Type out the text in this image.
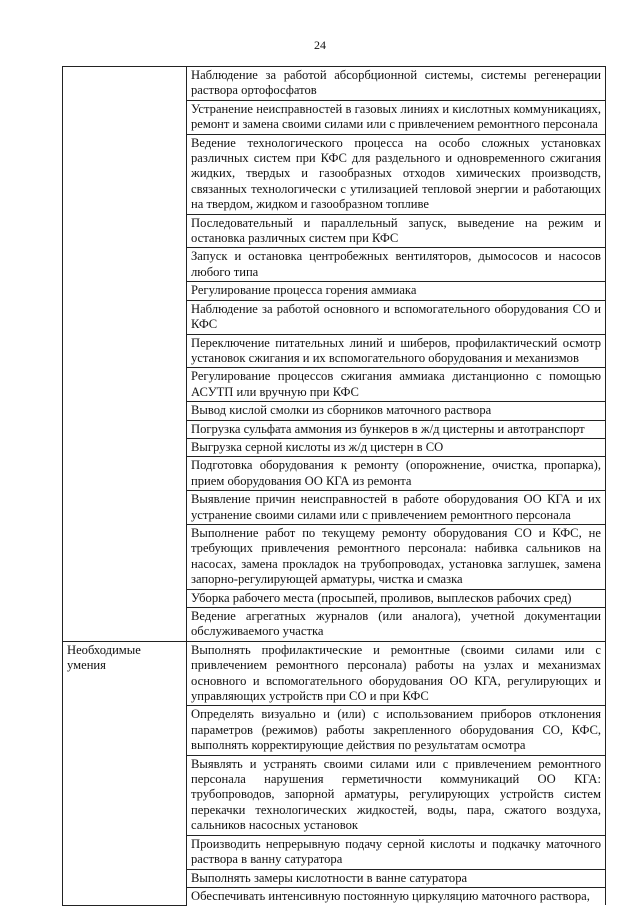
24
	Наблюдение за работой абсорбционной системы, системы регенерации раствора ортофосфатов
	Устранение неисправностей в газовых линиях и кислотных коммуникациях, ремонт и замена своими силами или с привлечением ремонтного персонала
	Ведение технологического процесса на особо сложных установках различных систем при КФС для раздельного и одновременного сжигания жидких, твердых и газообразных отходов химических производств, связанных технологически с утилизацией тепловой энергии и работающих на твердом, жидком и газообразном топливе
	Последовательный и параллельный запуск, выведение на режим и остановка различных систем при КФС
	Запуск и остановка центробежных вентиляторов, дымососов и насосов любого типа
	Регулирование процесса горения аммиака
	Наблюдение за работой основного и вспомогательного оборудования СО и КФС
	Переключение питательных линий и шиберов, профилактический осмотр установок сжигания и их вспомогательного оборудования и механизмов
	Регулирование процессов сжигания аммиака дистанционно с помощью АСУТП или вручную при КФС
	Вывод кислой смолки из сборников маточного раствора
	Погрузка сульфата аммония из бункеров в ж/д цистерны и автотранспорт
	Выгрузка серной кислоты из ж/д цистерн в СО
	Подготовка оборудования к ремонту (опорожнение, очистка, пропарка), прием оборудования ОО КГА из ремонта
	Выявление причин неисправностей в работе оборудования ОО КГА и их устранение своими силами или с привлечением ремонтного персонала
	Выполнение работ по текущему ремонту оборудования СО и КФС, не требующих привлечения ремонтного персонала: набивка сальников на насосах, замена прокладок на трубопроводах, установка заглушек, замена запорно-регулирующей арматуры, чистка и смазка
	Уборка рабочего места (просыпей, проливов, выплесков рабочих сред)
	Ведение агрегатных журналов (или аналога), учетной документации обслуживаемого участка

Необходимые умения	Выполнять профилактические и ремонтные (своими силами или с привлечением ремонтного персонала) работы на узлах и механизмах основного и вспомогательного оборудования ОО КГА, регулирующих и управляющих устройств при СО и при КФС
	Определять визуально и (или) с использованием приборов отклонения параметров (режимов) работы закрепленного оборудования СО, КФС, выполнять корректирующие действия по результатам осмотра
	Выявлять и устранять своими силами или с привлечением ремонтного персонала нарушения герметичности коммуникаций ОО КГА: трубопроводов, запорной арматуры, регулирующих устройств систем перекачки технологических жидкостей, воды, пара, сжатого воздуха, сальников насосных установок
	Производить непрерывную подачу серной кислоты и подкачку маточного раствора в ванну сатуратора
	Выполнять замеры кислотности в ванне сатуратора
	Обеспечивать интенсивную постоянную циркуляцию маточного раствора,
